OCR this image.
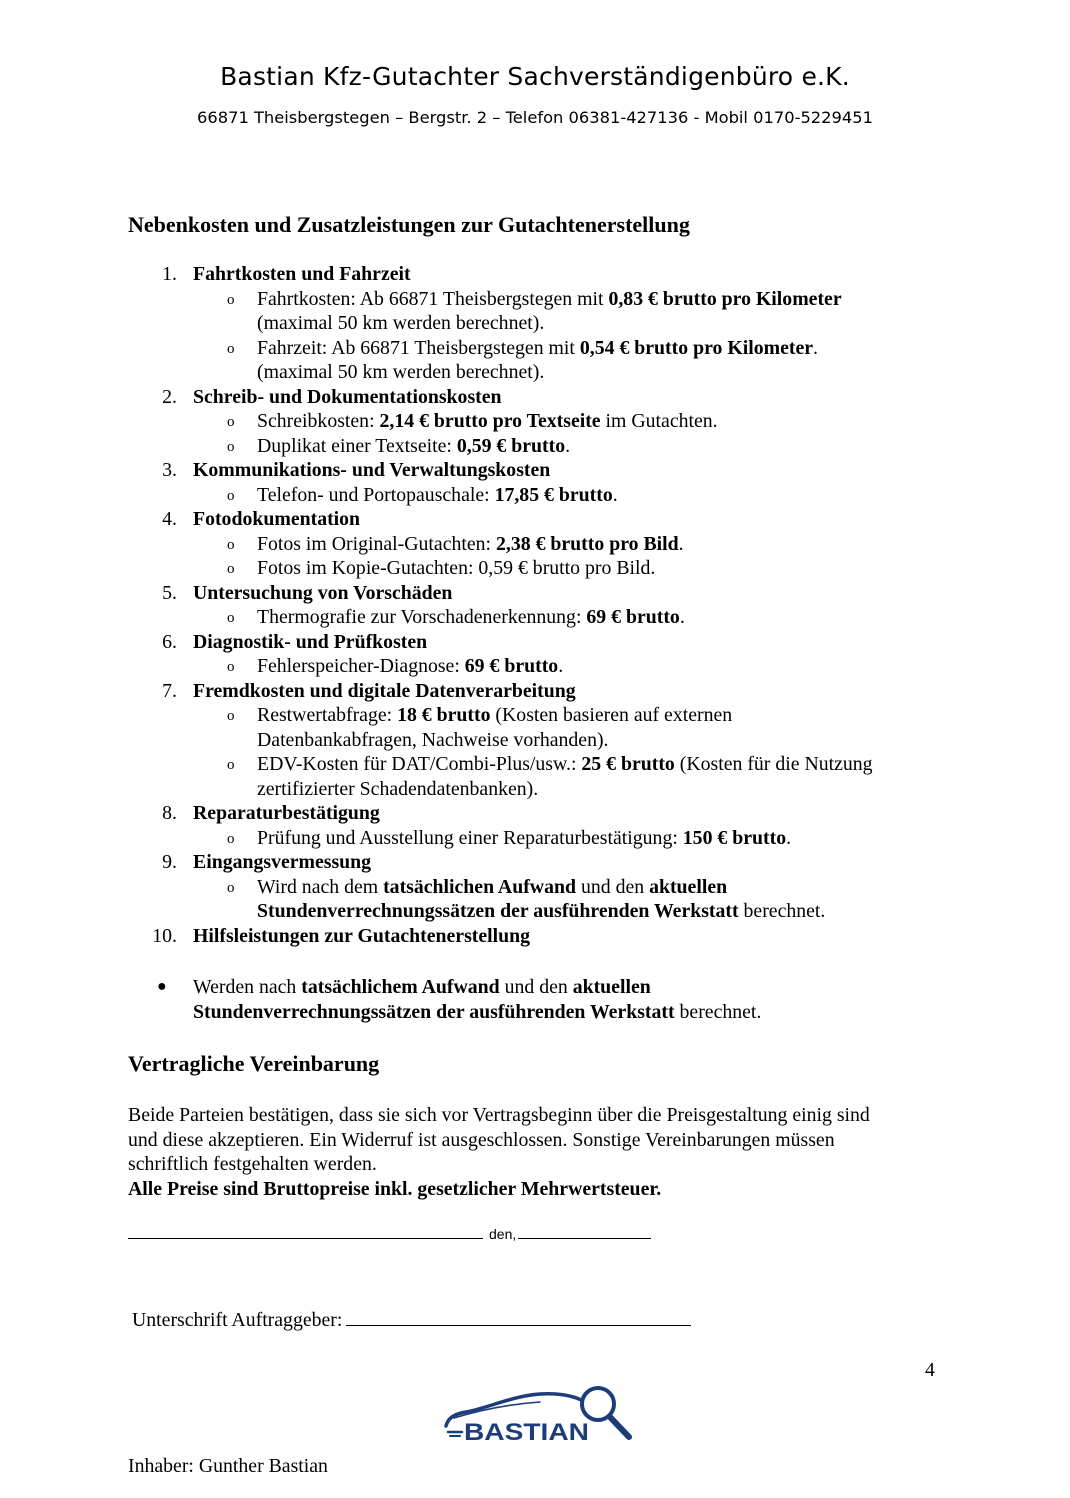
Bastian Kfz-Gutachter Sachverständigenbüro e.K.
66871 Theisbergstegen – Bergstr. 2 – Telefon 06381-427136 - Mobil 0170-5229451
Nebenkosten und Zusatzleistungen zur Gutachtenerstellung
1. Fahrtkosten und Fahrzeit
o Fahrtkosten: Ab 66871 Theisbergstegen mit 0,83 € brutto pro Kilometer
(maximal 50 km werden berechnet).
o Fahrzeit: Ab 66871 Theisbergstegen mit 0,54 € brutto pro Kilometer.
(maximal 50 km werden berechnet).
2. Schreib- und Dokumentationskosten
o Schreibkosten: 2,14 € brutto pro Textseite im Gutachten.
o Duplikat einer Textseite: 0,59 € brutto.
3. Kommunikations- und Verwaltungskosten
o Telefon- und Portopauschale: 17,85 € brutto.
4. Fotodokumentation
o Fotos im Original-Gutachten: 2,38 € brutto pro Bild.
o Fotos im Kopie-Gutachten: 0,59 € brutto pro Bild.
5. Untersuchung von Vorschäden
o Thermografie zur Vorschadenerkennung: 69 € brutto.
6. Diagnostik- und Prüfkosten
o Fehlerspeicher-Diagnose: 69 € brutto.
7. Fremdkosten und digitale Datenverarbeitung
o Restwertabfrage: 18 € brutto (Kosten basieren auf externen
Datenbankabfragen, Nachweise vorhanden).
o EDV-Kosten für DAT/Combi-Plus/usw.: 25 € brutto (Kosten für die Nutzung
zertifizierter Schadendatenbanken).
8. Reparaturbestätigung
o Prüfung und Ausstellung einer Reparaturbestätigung: 150 € brutto.
9. Eingangsvermessung
o Wird nach dem tatsächlichen Aufwand und den aktuellen
Stundenverrechnungssätzen der ausführenden Werkstatt berechnet.
10. Hilfsleistungen zur Gutachtenerstellung
● Werden nach tatsächlichem Aufwand und den aktuellen
Stundenverrechnungssätzen der ausführenden Werkstatt berechnet.
Vertragliche Vereinbarung
Beide Parteien bestätigen, dass sie sich vor Vertragsbeginn über die Preisgestaltung einig sind
und diese akzeptieren. Ein Widerruf ist ausgeschlossen. Sonstige Vereinbarungen müssen
schriftlich festgehalten werden.
Alle Preise sind Bruttopreise inkl. gesetzlicher Mehrwertsteuer.
den,
Unterschrift Auftraggeber:
4
Inhaber: Gunther Bastian
BASTIAN
